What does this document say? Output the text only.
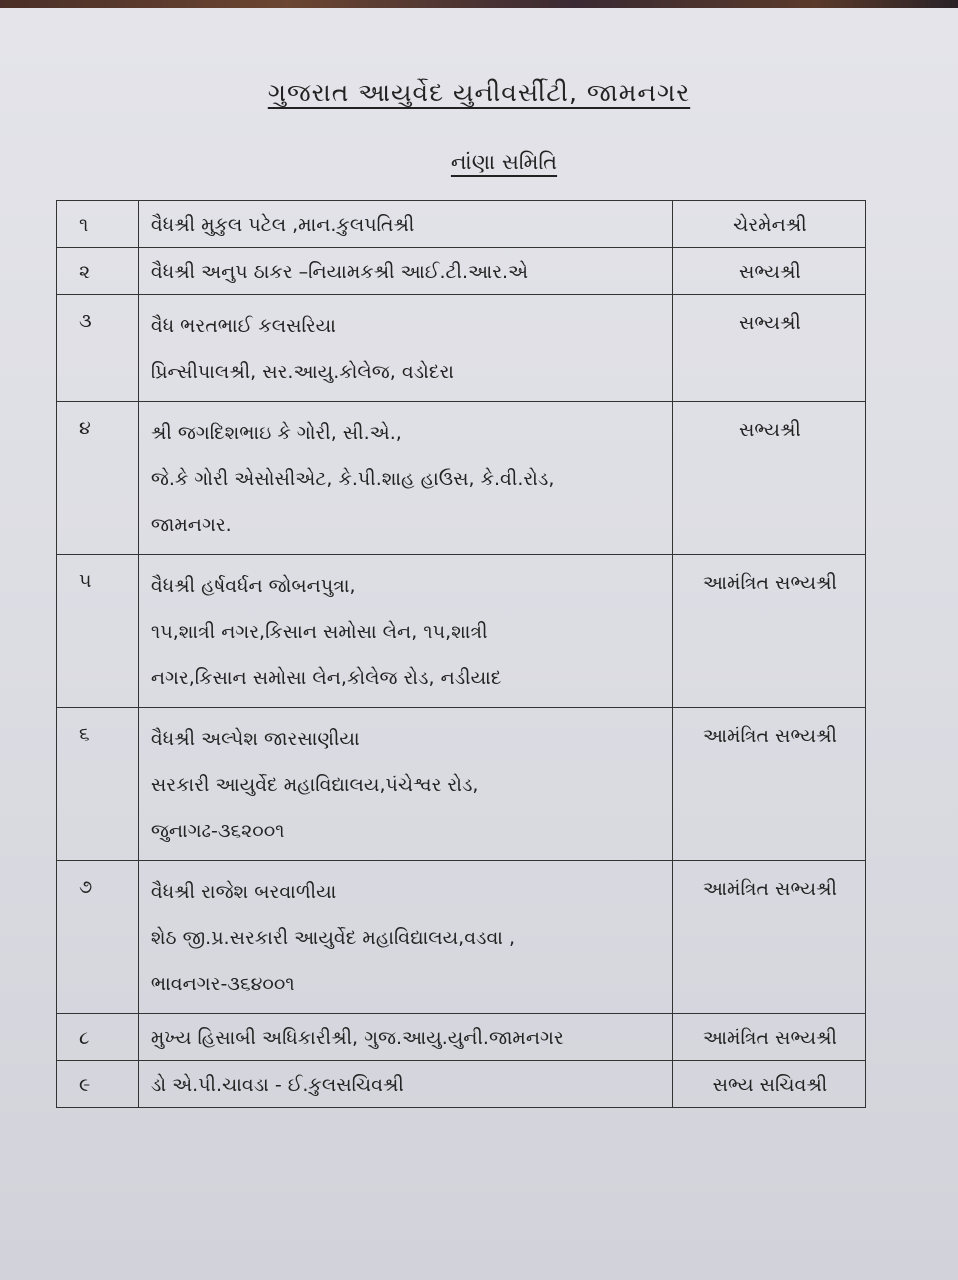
ગુજરાત આયુર્વેદ યુનીવર્સીટી, જામનગર
નાંણા સમિતિ
૧	વૈધશ્રી મુકુલ પટેલ ,માન.કુલપતિશ્રી	ચેરમેનશ્રી
૨	વૈધશ્રી અનુપ ઠાકર –નિયામકશ્રી આઈ.ટી.આર.એ	સભ્યશ્રી
૩	વૈધ ભરતભાઈ કલસરિયા
પ્રિન્સીપાલશ્રી, સર.આયુ.કોલેજ, વડોદરા	સભ્યશ્રી
૪	શ્રી જગદિશભાઇ કે ગોરી, સી.એ.,
જે.કે ગોરી એસોસીએટ, કે.પી.શાહ હાઉસ, કે.વી.રોડ,
જામનગર.	સભ્યશ્રી
૫	વૈધશ્રી હર્ષવર્ધન જોબનપુત્રા,
૧૫,શાત્રી નગર,કિસાન સમોસા લેન, ૧૫,શાત્રી
નગર,કિસાન સમોસા લેન,કોલેજ રોડ, નડીયાદ	આમંત્રિત સભ્યશ્રી
૬	વૈધશ્રી અલ્પેશ જારસાણીયા
સરકારી આયુર્વેદ મહાવિદ્યાલય,પંચેશ્વર રોડ,
જુનાગઢ-૩૬૨૦૦૧	આમંત્રિત સભ્યશ્રી
૭	વૈધશ્રી રાજેશ બરવાળીયા
શેઠ જી.પ્ર.સરકારી આયુર્વેદ મહાવિદ્યાલય,વડવા ,
ભાવનગર-૩૬૪૦૦૧	આમંત્રિત સભ્યશ્રી
૮	મુખ્ય હિસાબી અધિકારીશ્રી, ગુજ.આયુ.યુની.જામનગર	આમંત્રિત સભ્યશ્રી
૯	ડો એ.પી.ચાવડા - ઈ.કુલસચિવશ્રી	સભ્ય સચિવશ્રી
